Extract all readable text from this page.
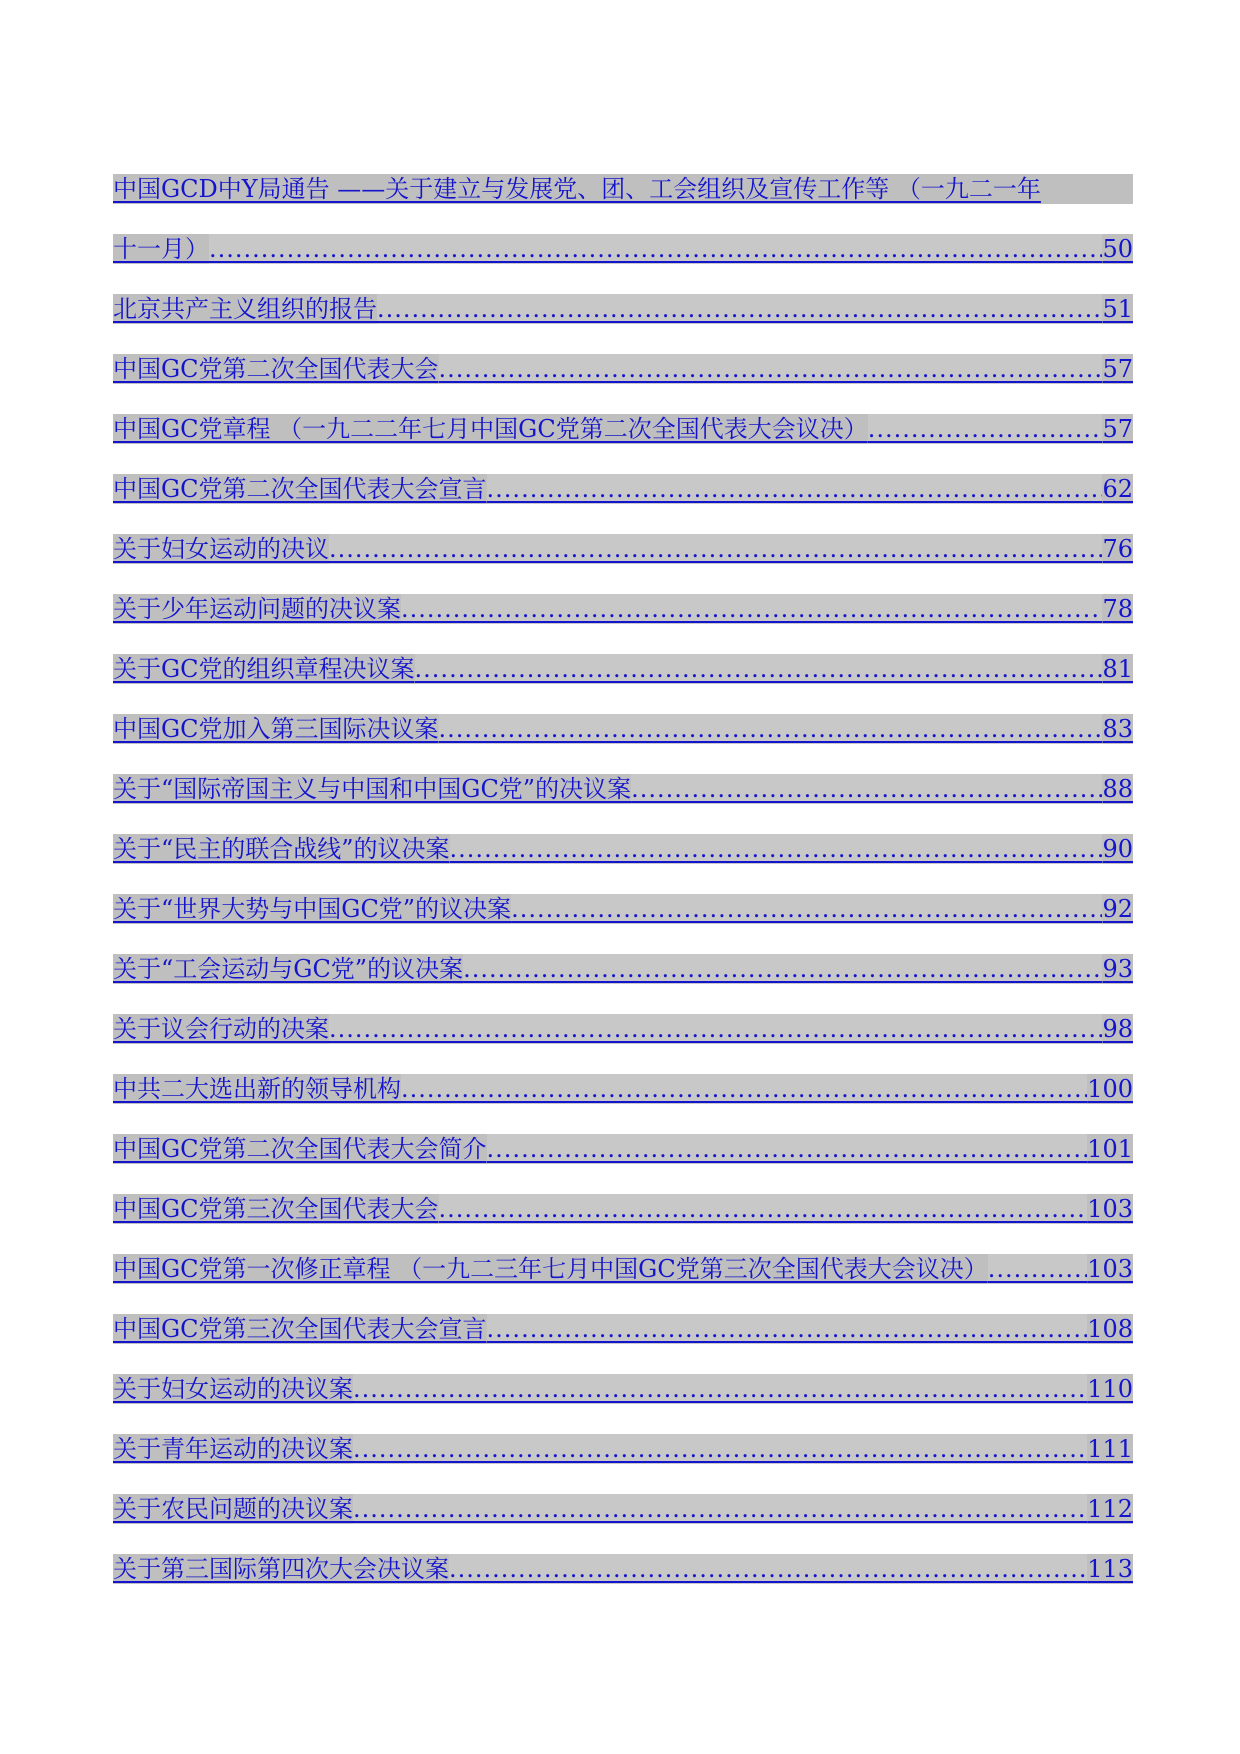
中国GCD中Y局通告 ——关于建立与发展党、团、工会组织及宣传工作等 （一九二一年
十一月） .....	50
北京共产主义组织的报告 .....	51
中国GC党第二次全国代表大会 .....	57
中国GC党章程 （一九二二年七月中国GC党第二次全国代表大会议决） .....	57
中国GC党第二次全国代表大会宣言 .....	62
关于妇女运动的决议 .....	76
关于少年运动问题的决议案 .....	78
关于GC党的组织章程决议案 .....	81
中国GC党加入第三国际决议案 .....	83
关于“国际帝国主义与中国和中国GC党”的决议案 .....	88
关于“民主的联合战线”的议决案 .....	90
关于“世界大势与中国GC党”的议决案 .....	92
关于“工会运动与GC党”的议决案 .....	93
关于议会行动的决案 .....	98
中共二大选出新的领导机构 .....	100
中国GC党第二次全国代表大会简介 .....	101
中国GC党第三次全国代表大会 .....	103
中国GC党第一次修正章程 （一九二三年七月中国GC党第三次全国代表大会议决） .....	103
中国GC党第三次全国代表大会宣言 .....	108
关于妇女运动的决议案 .....	110
关于青年运动的决议案 .....	111
关于农民问题的决议案 .....	112
关于第三国际第四次大会决议案 .....	113
